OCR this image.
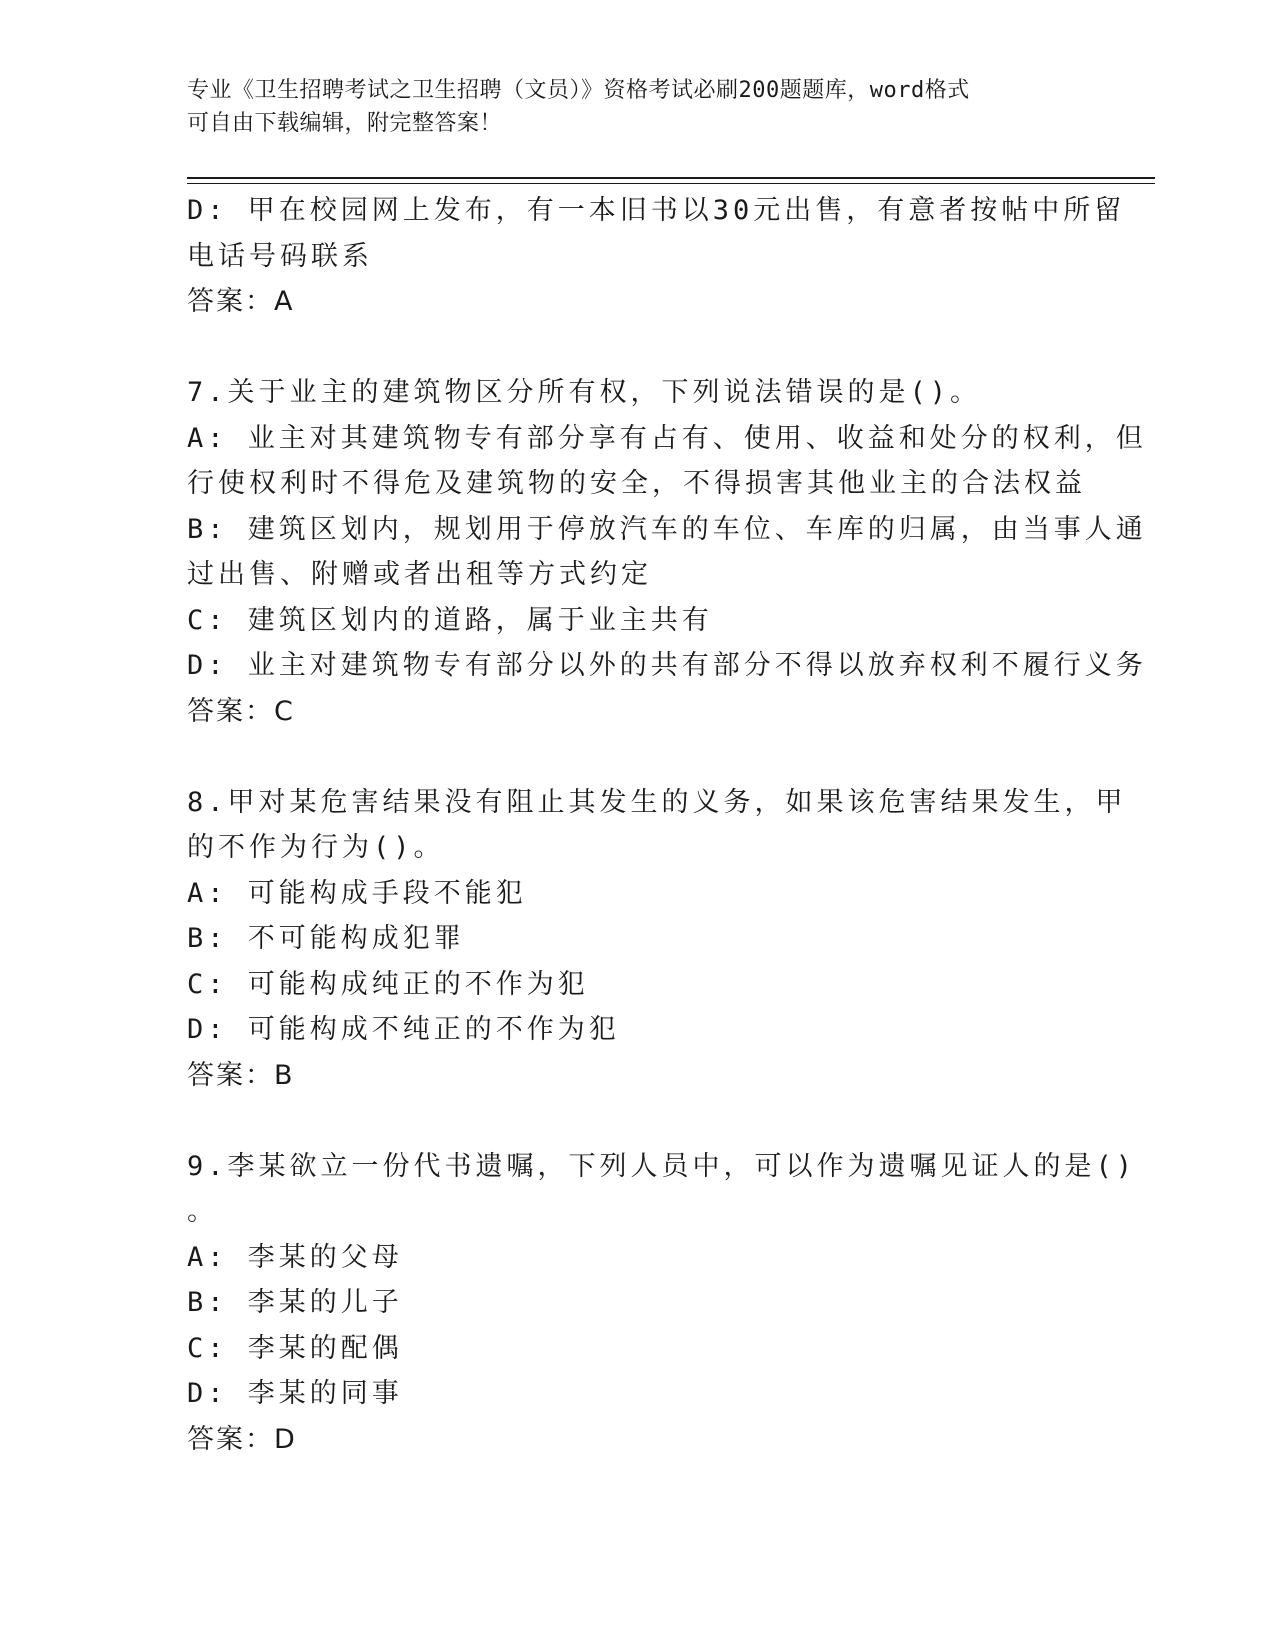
专业《卫生招聘考试之卫生招聘（文员）》资格考试必刷200题题库，word格式
可自由下载编辑，附完整答案！
D: 甲在校园网上发布，有一本旧书以30元出售，有意者按帖中所留
电话号码联系
答案：A
7.关于业主的建筑物区分所有权，下列说法错误的是()。
A: 业主对其建筑物专有部分享有占有、使用、收益和处分的权利，但
行使权利时不得危及建筑物的安全，不得损害其他业主的合法权益
B: 建筑区划内，规划用于停放汽车的车位、车库的归属，由当事人通
过出售、附赠或者出租等方式约定
C: 建筑区划内的道路，属于业主共有
D: 业主对建筑物专有部分以外的共有部分不得以放弃权利不履行义务
答案：C
8.甲对某危害结果没有阻止其发生的义务，如果该危害结果发生，甲
的不作为行为()。
A: 可能构成手段不能犯
B: 不可能构成犯罪
C: 可能构成纯正的不作为犯
D: 可能构成不纯正的不作为犯
答案：B
9.李某欲立一份代书遗嘱，下列人员中，可以作为遗嘱见证人的是()
。
A: 李某的父母
B: 李某的儿子
C: 李某的配偶
D: 李某的同事
答案：D
